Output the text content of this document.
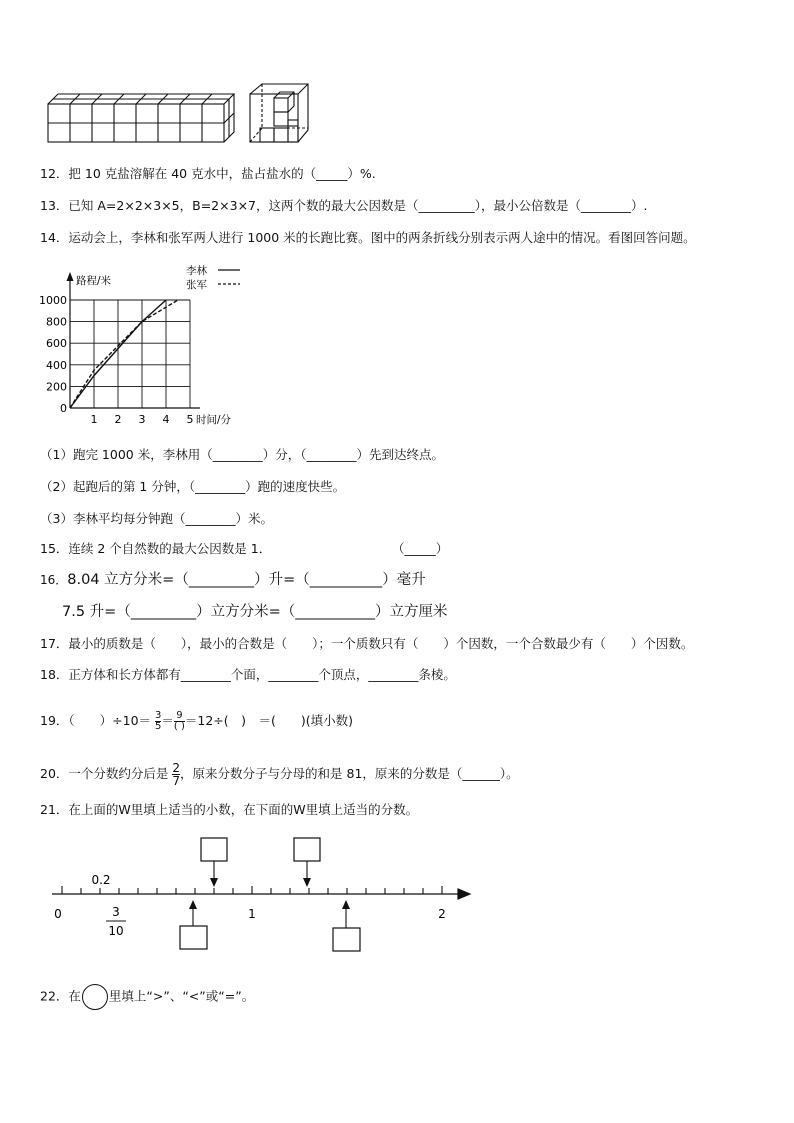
12．把 10 克盐溶解在 40 克水中，盐占盐水的（_____）%.
13．已知 A=2×2×3×5，B=2×3×7，这两个数的最大公因数是（_________），最小公倍数是（________）.
14．运动会上，李林和张军两人进行 1000 米的长跑比赛。图中的两条折线分别表示两人途中的情况。看图回答问题。
1 2 3 4 5
0
200
400
600
800
1000
路程/米
时间/分
李林
张军
（1）跑完 1000 米，李林用（________）分，（________）先到达终点。
（2）起跑后的第 1 分钟，（________）跑的速度快些。
（3）李林平均每分钟跑（________）米。
15．连续 2 个自然数的最大公因数是 1．	（_____）
16．8.04 立方分米=（_________）升=（__________）毫升
7.5 升=（_________）立方分米=（___________）立方厘米
17．最小的质数是（　　），最小的合数是（　　）；一个质数只有（　　）个因数，一个合数最少有（　　）个因数。
18．正方体和长方体都有________个面，________个顶点，________条棱。
19．（　　）$\div 10= \frac{3}{5} = \frac{9}{( )} =12\div$(　)　＝(　　)(填小数)
20．一个分数约分后是 $\frac{2}{7}$ ，原来分数分子与分母的和是 81，原来的分数是（______）。
21．在上面的W里填上适当的小数，在下面的W里填上适当的分数。
0	1	2
0.2
3
10
22．在 里填上“>”、“<”或“=”。
